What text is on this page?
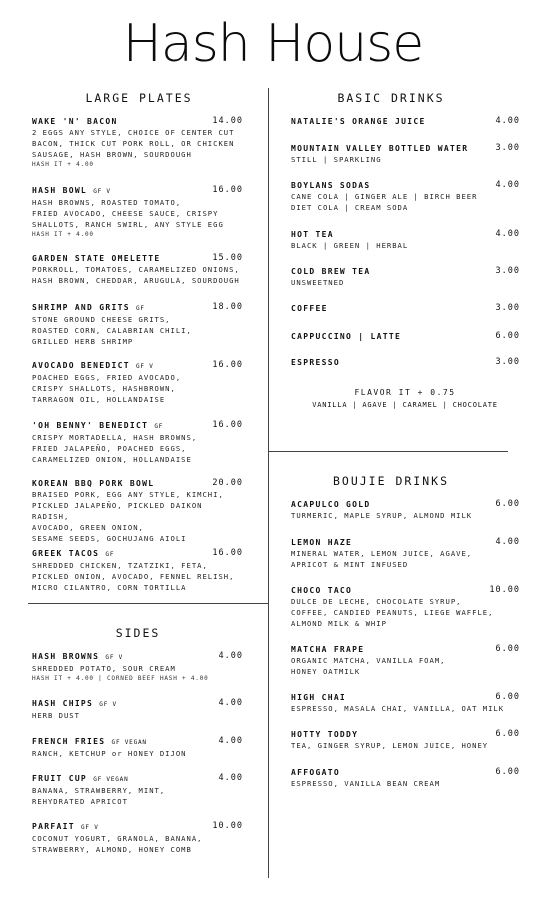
Hash House
LARGE PLATES
SIDES
BASIC DRINKS
BOUJIE DRINKS
WAKE 'N' BACON	14.00
2 EGGS ANY STYLE, CHOICE OF CENTER CUT
BACON, THICK CUT PORK ROLL, OR CHICKEN
SAUSAGE, HASH BROWN, SOURDOUGH
HASH IT + 4.00
HASH BOWL GF V	16.00
HASH BROWNS, ROASTED TOMATO,
FRIED AVOCADO, CHEESE SAUCE, CRISPY
SHALLOTS, RANCH SWIRL, ANY STYLE EGG
HASH IT + 4.00
GARDEN STATE OMELETTE	15.00
PORKROLL, TOMATOES, CARAMELIZED ONIONS,
HASH BROWN, CHEDDAR, ARUGULA, SOURDOUGH
SHRIMP AND GRITS GF	18.00
STONE GROUND CHEESE GRITS,
ROASTED CORN, CALABRIAN CHILI,
GRILLED HERB SHRIMP
AVOCADO BENEDICT GF V	16.00
POACHED EGGS, FRIED AVOCADO,
CRISPY SHALLOTS, HASHBROWN,
TARRAGON OIL, HOLLANDAISE
'OH BENNY' BENEDICT GF	16.00
CRISPY MORTADELLA, HASH BROWNS,
FRIED JALAPEÑO, POACHED EGGS,
CARAMELIZED ONION, HOLLANDAISE
KOREAN BBQ PORK BOWL	20.00
BRAISED PORK, EGG ANY STYLE, KIMCHI,
PICKLED JALAPEÑO, PICKLED DAIKON RADISH,
AVOCADO, GREEN ONION,
SESAME SEEDS, GOCHUJANG AIOLI
GREEK TACOS GF	16.00
SHREDDED CHICKEN, TZATZIKI, FETA,
PICKLED ONION, AVOCADO, FENNEL RELISH,
MICRO CILANTRO, CORN TORTILLA
HASH BROWNS GF V	4.00
SHREDDED POTATO, SOUR CREAM
HASH IT + 4.00 | CORNED BEEF HASH + 4.00
HASH CHIPS GF V	4.00
HERB DUST
FRENCH FRIES GF VEGAN	4.00
RANCH, KETCHUP or HONEY DIJON
FRUIT CUP GF VEGAN	4.00
BANANA, STRAWBERRY, MINT,
REHYDRATED APRICOT
PARFAIT GF V	10.00
COCONUT YOGURT, GRANOLA, BANANA,
STRAWBERRY, ALMOND, HONEY COMB
NATALIE'S ORANGE JUICE	4.00
MOUNTAIN VALLEY BOTTLED WATER	3.00
STILL | SPARKLING
BOYLANS SODAS	4.00
CANE COLA | GINGER ALE | BIRCH BEER
DIET COLA | CREAM SODA
HOT TEA	4.00
BLACK | GREEN | HERBAL
COLD BREW TEA	3.00
UNSWEETNED
COFFEE	3.00
CAPPUCCINO | LATTE	6.00
ESPRESSO	3.00
ACAPULCO GOLD	6.00
TURMERIC, MAPLE SYRUP, ALMOND MILK
LEMON HAZE	4.00
MINERAL WATER, LEMON JUICE, AGAVE,
APRICOT & MINT INFUSED
CHOCO TACO	10.00
DULCE DE LECHE, CHOCOLATE SYRUP,
COFFEE, CANDIED PEANUTS, LIEGE WAFFLE,
ALMOND MILK & WHIP
MATCHA FRAPE	6.00
ORGANIC MATCHA, VANILLA FOAM,
HONEY OATMILK
HIGH CHAI	6.00
ESPRESSO, MASALA CHAI, VANILLA, OAT MILK
HOTTY TODDY	6.00
TEA, GINGER SYRUP, LEMON JUICE, HONEY
AFFOGATO	6.00
ESPRESSO, VANILLA BEAN CREAM
FLAVOR IT + 0.75
VANILLA | AGAVE | CARAMEL | CHOCOLATE
